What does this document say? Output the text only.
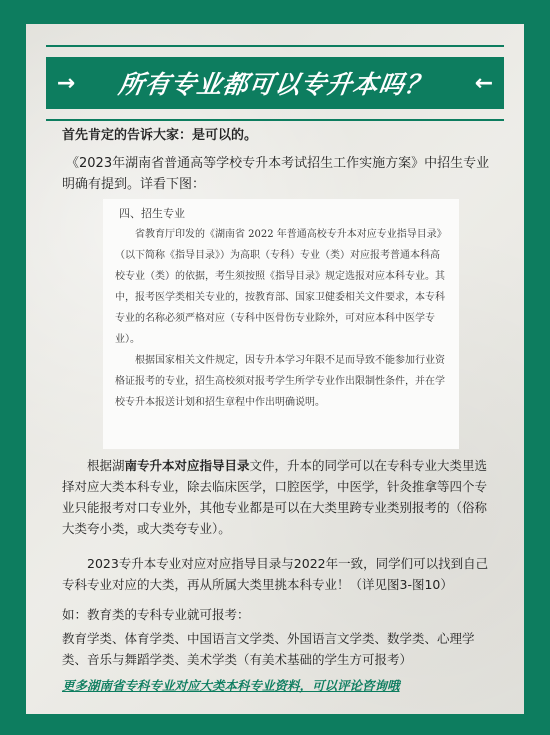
→	所有专业都可以专升本吗？	←
首先肯定的告诉大家：是可以的。
《2023年湖南省普通高等学校专升本考试招生工作实施方案》中招生专业明确有提到。详看下图：
四、招生专业

省教育厅印发的《湖南省 2022 年普通高校专升本对应专业指导目录》（以下简称《指导目录》）为高职（专科）专业（类）对应报考普通本科高校专业（类）的依据，考生须按照《指导目录》规定选报对应本科专业。其中，报考医学类相关专业的，按教育部、国家卫健委相关文件要求，本专科专业的名称必须严格对应（专科中医骨伤专业除外，可对应本科中医学专业）。

根据国家相关文件规定，因专升本学习年限不足而导致不能参加行业资格证报考的专业，招生高校须对报考学生所学专业作出限制性条件，并在学校专升本报送计划和招生章程中作出明确说明。

根据湖南专升本对应指导目录文件，升本的同学可以在专科专业大类里选择对应大类本科专业，除去临床医学，口腔医学，中医学，针灸推拿等四个专业只能报考对口专业外，其他专业都是可以在大类里跨专业类别报考的（俗称大类夸小类，或大类夸专业）。
2023专升本专业对应对应指导目录与2022年一致，同学们可以找到自己专科专业对应的大类，再从所属大类里挑本科专业！（详见图3-图10）
如：教育类的专科专业就可报考：
教育学类、体育学类、中国语言文学类、外国语言文学类、数学类、心理学类、音乐与舞蹈学类、美术学类（有美术基础的学生方可报考）
更多湖南省专科专业对应大类本科专业资料，可以评论咨询哦
